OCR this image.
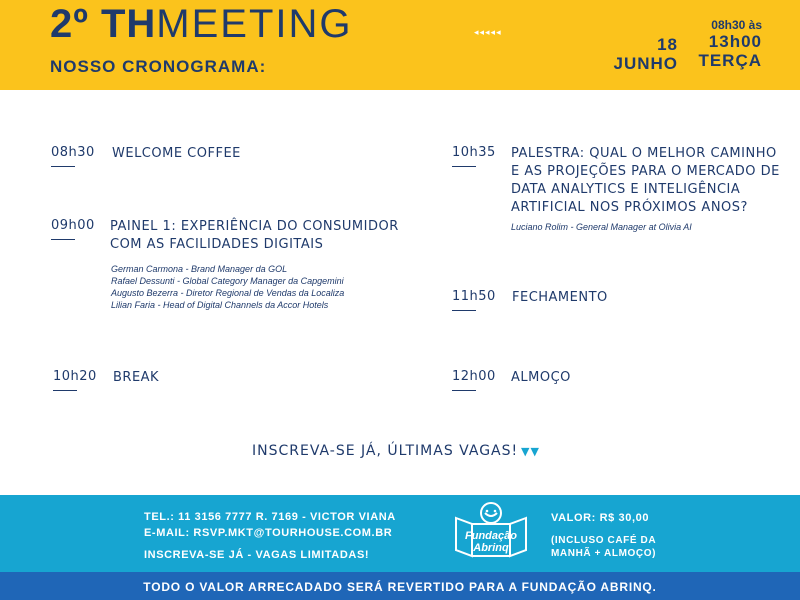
2º THMEETING
NOSSO CRONOGRAMA:
◂◂◂◂◂
18
JUNHO
08h30 às
13h00
TERÇA
08h30 WELCOME COFFEE
09h00 PAINEL 1: EXPERIÊNCIA DO CONSUMIDOR
COM AS FACILIDADES DIGITAIS
German Carmona - Brand Manager da GOL
Rafael Dessunti - Global Category Manager da Capgemini
Augusto Bezerra - Diretor Regional de Vendas da Localiza
Lilian Faria - Head of Digital Channels da Accor Hotels
10h20 BREAK
10h35 PALESTRA: QUAL O MELHOR CAMINHO
E AS PROJEÇÕES PARA O MERCADO DE
DATA ANALYTICS E INTELIGÊNCIA
ARTIFICIAL NOS PRÓXIMOS ANOS?
Luciano Rolim - General Manager at Olivia AI
11h50 FECHAMENTO
12h00 ALMOÇO
INSCREVA-SE JÁ, ÚLTIMAS VAGAS! ▼▼
TEL.: 11 3156 7777 R. 7169 - VICTOR VIANA
E-MAIL: RSVP.MKT@TOURHOUSE.COM.BR
INSCREVA-SE JÁ - VAGAS LIMITADAS!
Fundação
Abrinq
VALOR: R$ 30,00
(INCLUSO CAFÉ DA
MANHÃ + ALMOÇO)
TODO O VALOR ARRECADADO SERÁ REVERTIDO PARA A FUNDAÇÃO ABRINQ.
